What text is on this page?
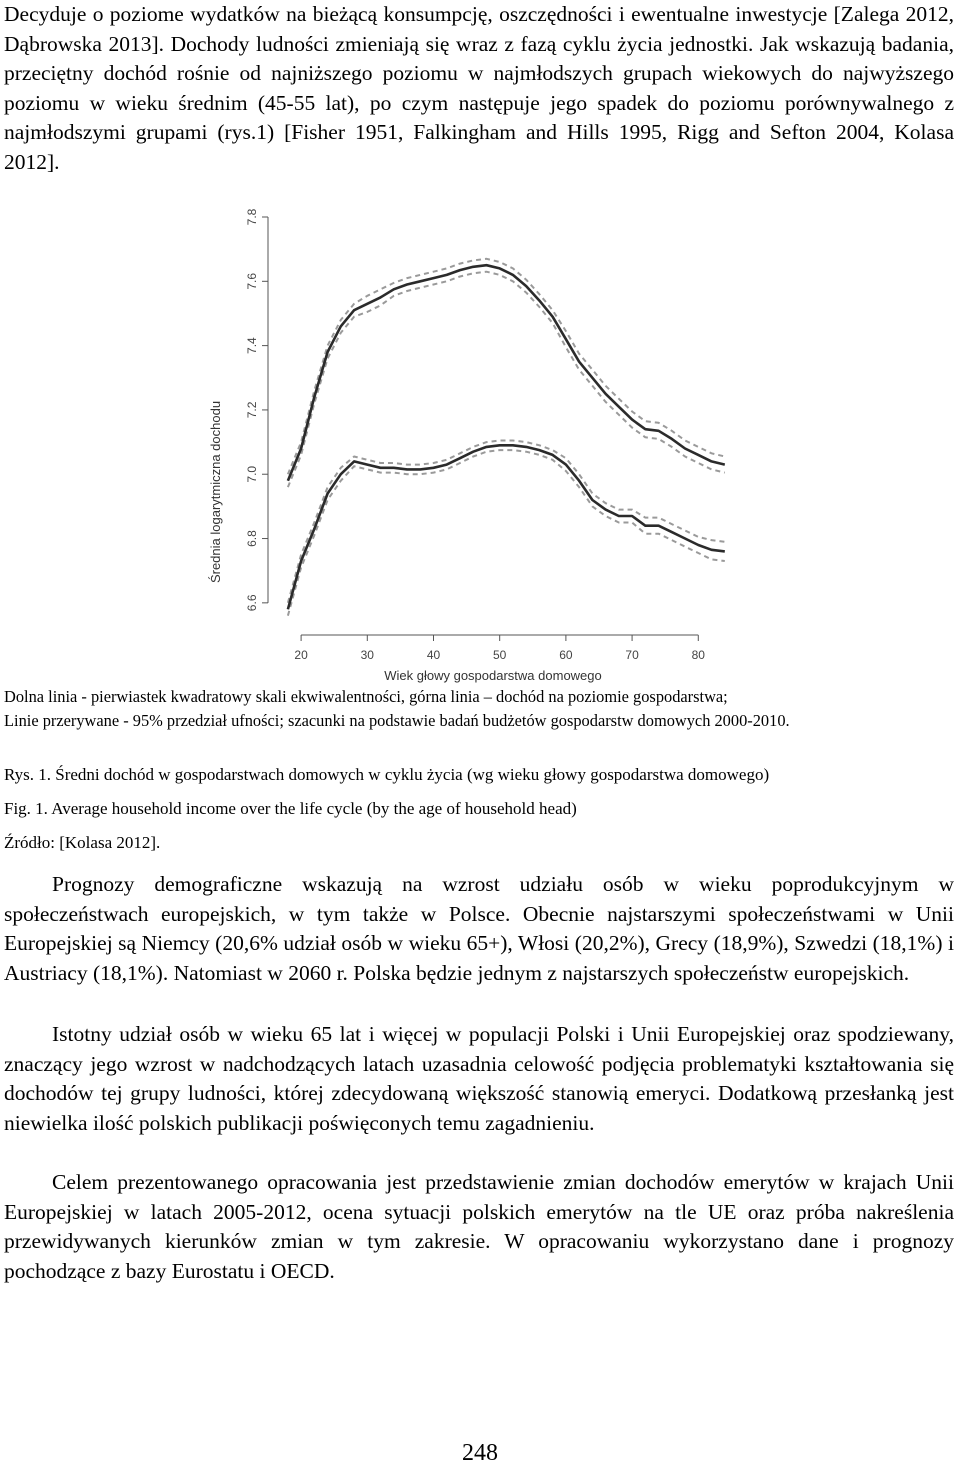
Decyduje o poziome wydatków na bieżącą konsumpcję, oszczędności i ewentualne inwestycje [Zalega 2012, Dąbrowska 2013]. Dochody ludności zmieniają się wraz z fazą cyklu życia jednostki. Jak wskazują badania, przeciętny dochód rośnie od najniższego poziomu w najmłodszych grupach wiekowych do najwyższego poziomu w wieku średnim (45-55 lat), po czym następuje jego spadek do poziomu porównywalnego z najmłodszymi grupami (rys.1) [Fisher 1951, Falkingham and Hills 1995, Rigg and Sefton 2004, Kolasa 2012].

6.6
6.8
7.0
7.2
7.4
7.6
7.8
20	30	40	50	60	70	80
Wiek głowy gospodarstwa domowego
Średnia logarytmiczna dochodu

Dolna linia - pierwiastek kwadratowy skali ekwiwalentności, górna linia – dochód na poziomie gospodarstwa;

Linie przerywane - 95% przedział ufności; szacunki na podstawie badań budżetów gospodarstw domowych 2000-2010.

Rys. 1. Średni dochód w gospodarstwach domowych w cyklu życia (wg wieku głowy gospodarstwa domowego)

Fig. 1. Average household income over the life cycle (by the age of household head)

Źródło: [Kolasa 2012].

Prognozy demograficzne wskazują na wzrost udziału osób w wieku poprodukcyjnym w społeczeństwach europejskich, w tym także w Polsce. Obecnie najstarszymi społeczeństwami w Unii Europejskiej są Niemcy (20,6% udział osób w wieku 65+), Włosi (20,2%), Grecy (18,9%), Szwedzi (18,1%) i Austriacy (18,1%). Natomiast w 2060 r. Polska będzie jednym z najstarszych społeczeństw europejskich.

Istotny udział osób w wieku 65 lat i więcej w populacji Polski i Unii Europejskiej oraz spodziewany, znaczący jego wzrost w nadchodzących latach uzasadnia celowość podjęcia problematyki kształtowania się dochodów tej grupy ludności, której zdecydowaną większość stanowią emeryci. Dodatkową przesłanką jest niewielka ilość polskich publikacji poświęconych temu zagadnieniu.

Celem prezentowanego opracowania jest przedstawienie zmian dochodów emerytów w krajach Unii Europejskiej w latach 2005-2012, ocena sytuacji polskich emerytów na tle UE oraz próba nakreślenia przewidywanych kierunków zmian w tym zakresie. W opracowaniu wykorzystano dane i prognozy pochodzące z bazy Eurostatu i OECD.

248
